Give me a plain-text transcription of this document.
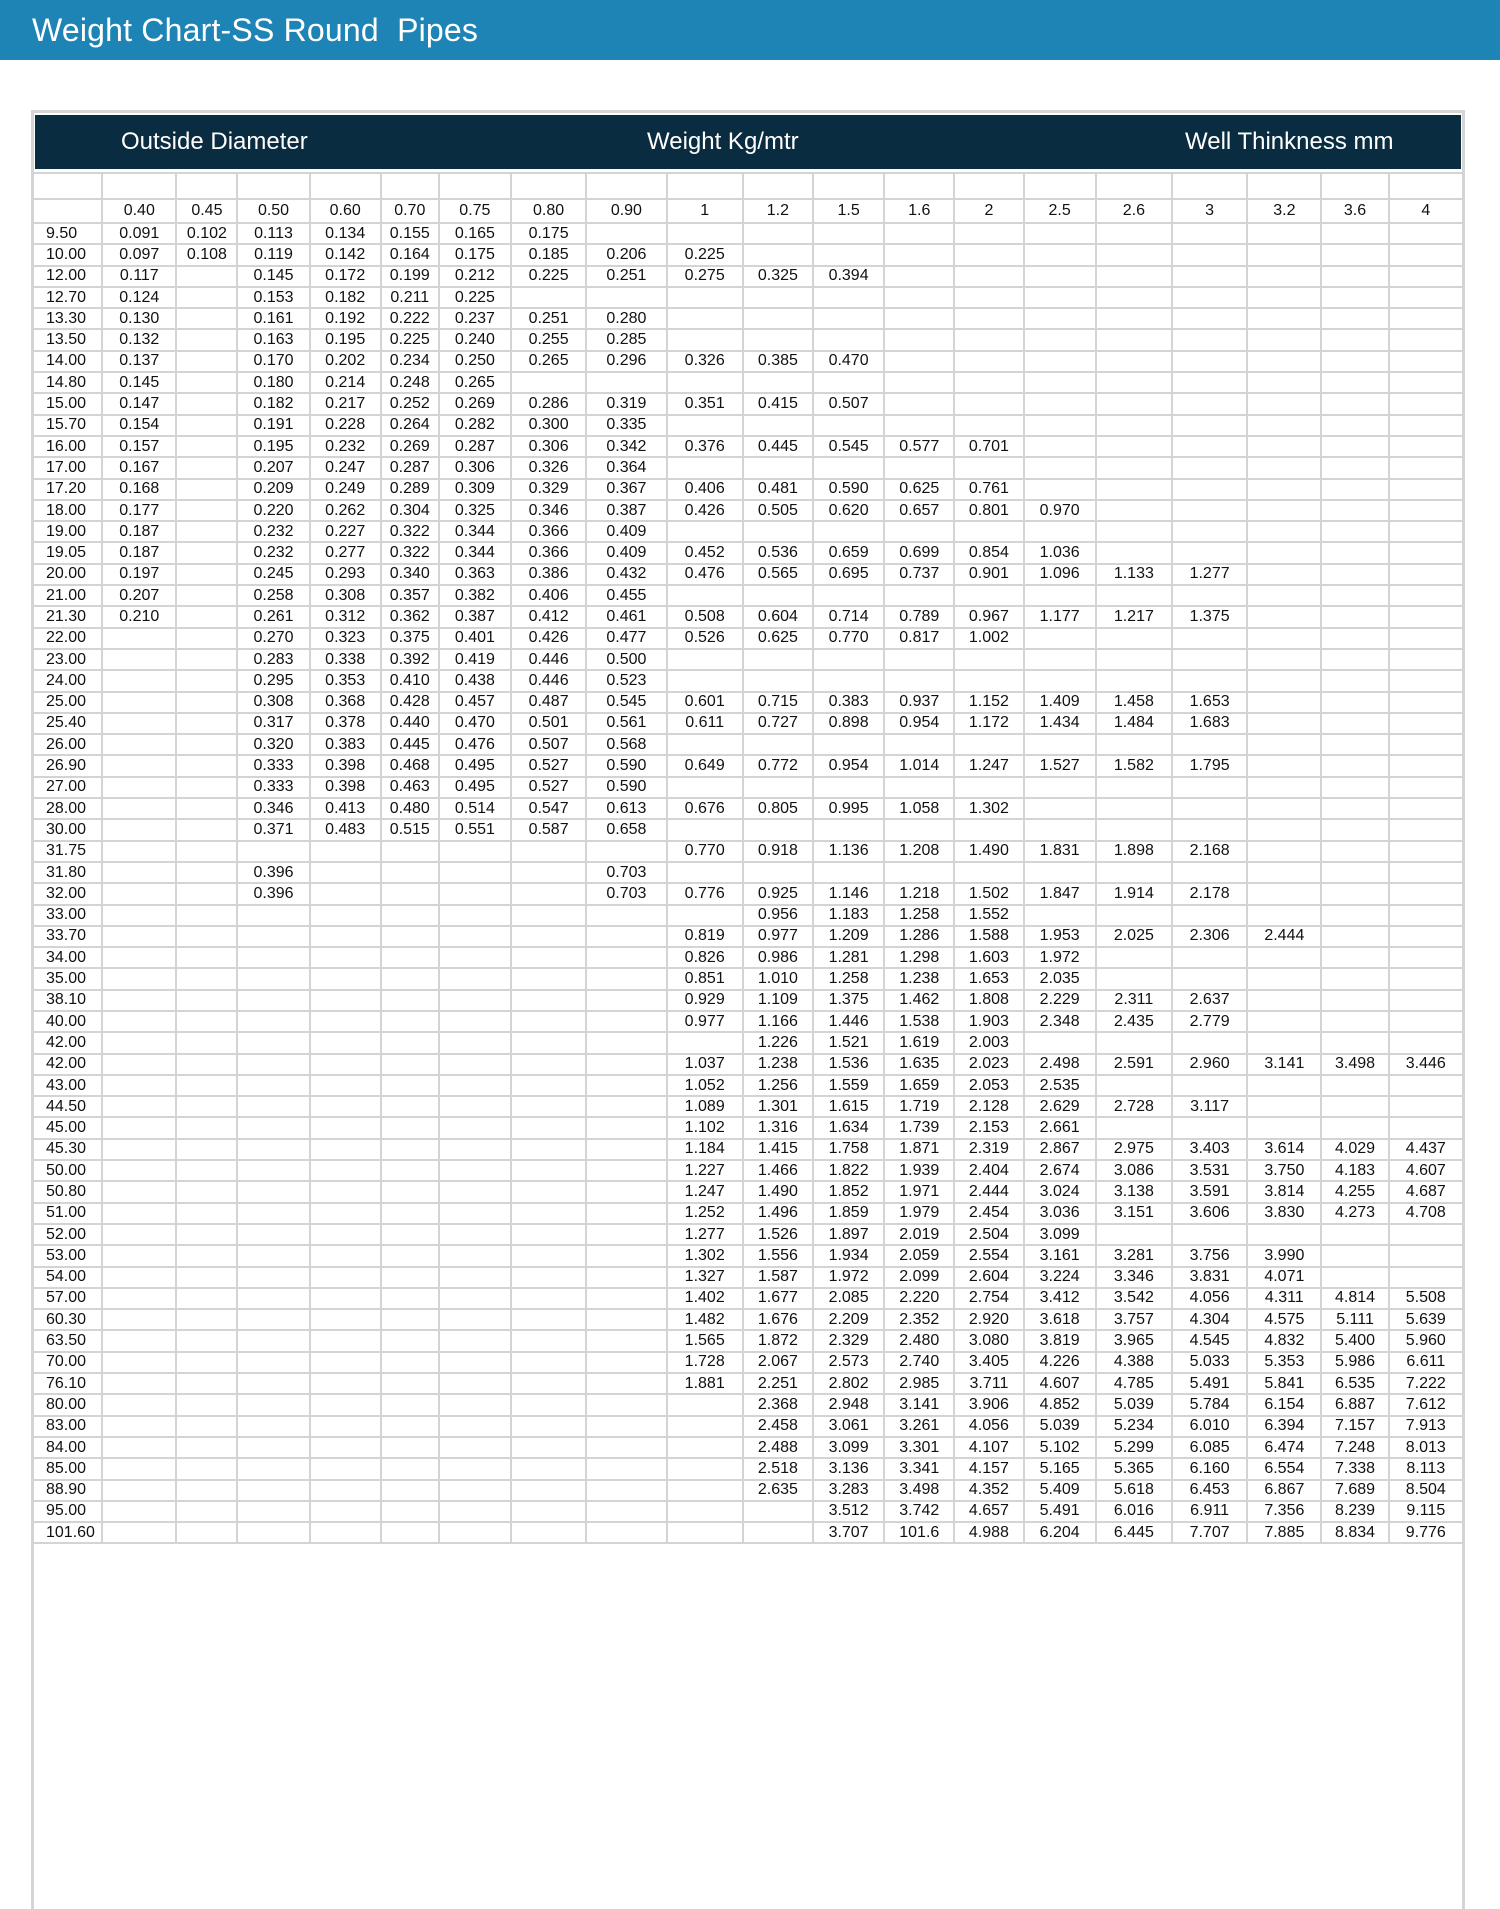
Weight Chart-SS Round  Pipes
Outside Diameter	Weight Kg/mtr	Well Thinkness mm

	0.40	0.45	0.50	0.60	0.70	0.75	0.80	0.90	1	1.2	1.5	1.6	2	2.5	2.6	3	3.2	3.6	4
9.50	0.091	0.102	0.113	0.134	0.155	0.165	0.175												
10.00	0.097	0.108	0.119	0.142	0.164	0.175	0.185	0.206	0.225										
12.00	0.117		0.145	0.172	0.199	0.212	0.225	0.251	0.275	0.325	0.394								
12.70	0.124		0.153	0.182	0.211	0.225													
13.30	0.130		0.161	0.192	0.222	0.237	0.251	0.280											
13.50	0.132		0.163	0.195	0.225	0.240	0.255	0.285											
14.00	0.137		0.170	0.202	0.234	0.250	0.265	0.296	0.326	0.385	0.470								
14.80	0.145		0.180	0.214	0.248	0.265													
15.00	0.147		0.182	0.217	0.252	0.269	0.286	0.319	0.351	0.415	0.507								
15.70	0.154		0.191	0.228	0.264	0.282	0.300	0.335											
16.00	0.157		0.195	0.232	0.269	0.287	0.306	0.342	0.376	0.445	0.545	0.577	0.701						
17.00	0.167		0.207	0.247	0.287	0.306	0.326	0.364											
17.20	0.168		0.209	0.249	0.289	0.309	0.329	0.367	0.406	0.481	0.590	0.625	0.761						
18.00	0.177		0.220	0.262	0.304	0.325	0.346	0.387	0.426	0.505	0.620	0.657	0.801	0.970					
19.00	0.187		0.232	0.227	0.322	0.344	0.366	0.409											
19.05	0.187		0.232	0.277	0.322	0.344	0.366	0.409	0.452	0.536	0.659	0.699	0.854	1.036					
20.00	0.197		0.245	0.293	0.340	0.363	0.386	0.432	0.476	0.565	0.695	0.737	0.901	1.096	1.133	1.277			
21.00	0.207		0.258	0.308	0.357	0.382	0.406	0.455											
21.30	0.210		0.261	0.312	0.362	0.387	0.412	0.461	0.508	0.604	0.714	0.789	0.967	1.177	1.217	1.375			
22.00			0.270	0.323	0.375	0.401	0.426	0.477	0.526	0.625	0.770	0.817	1.002						
23.00			0.283	0.338	0.392	0.419	0.446	0.500											
24.00			0.295	0.353	0.410	0.438	0.446	0.523											
25.00			0.308	0.368	0.428	0.457	0.487	0.545	0.601	0.715	0.383	0.937	1.152	1.409	1.458	1.653			
25.40			0.317	0.378	0.440	0.470	0.501	0.561	0.611	0.727	0.898	0.954	1.172	1.434	1.484	1.683			
26.00			0.320	0.383	0.445	0.476	0.507	0.568											
26.90			0.333	0.398	0.468	0.495	0.527	0.590	0.649	0.772	0.954	1.014	1.247	1.527	1.582	1.795			
27.00			0.333	0.398	0.463	0.495	0.527	0.590											
28.00			0.346	0.413	0.480	0.514	0.547	0.613	0.676	0.805	0.995	1.058	1.302						
30.00			0.371	0.483	0.515	0.551	0.587	0.658											
31.75									0.770	0.918	1.136	1.208	1.490	1.831	1.898	2.168			
31.80			0.396					0.703											
32.00			0.396					0.703	0.776	0.925	1.146	1.218	1.502	1.847	1.914	2.178			
33.00										0.956	1.183	1.258	1.552						
33.70									0.819	0.977	1.209	1.286	1.588	1.953	2.025	2.306	2.444		
34.00									0.826	0.986	1.281	1.298	1.603	1.972					
35.00									0.851	1.010	1.258	1.238	1.653	2.035					
38.10									0.929	1.109	1.375	1.462	1.808	2.229	2.311	2.637			
40.00									0.977	1.166	1.446	1.538	1.903	2.348	2.435	2.779			
42.00										1.226	1.521	1.619	2.003						
42.00									1.037	1.238	1.536	1.635	2.023	2.498	2.591	2.960	3.141	3.498	3.446
43.00									1.052	1.256	1.559	1.659	2.053	2.535					
44.50									1.089	1.301	1.615	1.719	2.128	2.629	2.728	3.117			
45.00									1.102	1.316	1.634	1.739	2.153	2.661					
45.30									1.184	1.415	1.758	1.871	2.319	2.867	2.975	3.403	3.614	4.029	4.437
50.00									1.227	1.466	1.822	1.939	2.404	2.674	3.086	3.531	3.750	4.183	4.607
50.80									1.247	1.490	1.852	1.971	2.444	3.024	3.138	3.591	3.814	4.255	4.687
51.00									1.252	1.496	1.859	1.979	2.454	3.036	3.151	3.606	3.830	4.273	4.708
52.00									1.277	1.526	1.897	2.019	2.504	3.099					
53.00									1.302	1.556	1.934	2.059	2.554	3.161	3.281	3.756	3.990		
54.00									1.327	1.587	1.972	2.099	2.604	3.224	3.346	3.831	4.071		
57.00									1.402	1.677	2.085	2.220	2.754	3.412	3.542	4.056	4.311	4.814	5.508
60.30									1.482	1.676	2.209	2.352	2.920	3.618	3.757	4.304	4.575	5.111	5.639
63.50									1.565	1.872	2.329	2.480	3.080	3.819	3.965	4.545	4.832	5.400	5.960
70.00									1.728	2.067	2.573	2.740	3.405	4.226	4.388	5.033	5.353	5.986	6.611
76.10									1.881	2.251	2.802	2.985	3.711	4.607	4.785	5.491	5.841	6.535	7.222
80.00										2.368	2.948	3.141	3.906	4.852	5.039	5.784	6.154	6.887	7.612
83.00										2.458	3.061	3.261	4.056	5.039	5.234	6.010	6.394	7.157	7.913
84.00										2.488	3.099	3.301	4.107	5.102	5.299	6.085	6.474	7.248	8.013
85.00										2.518	3.136	3.341	4.157	5.165	5.365	6.160	6.554	7.338	8.113
88.90										2.635	3.283	3.498	4.352	5.409	5.618	6.453	6.867	7.689	8.504
95.00											3.512	3.742	4.657	5.491	6.016	6.911	7.356	8.239	9.115
101.60											3.707	101.6	4.988	6.204	6.445	7.707	7.885	8.834	9.776
